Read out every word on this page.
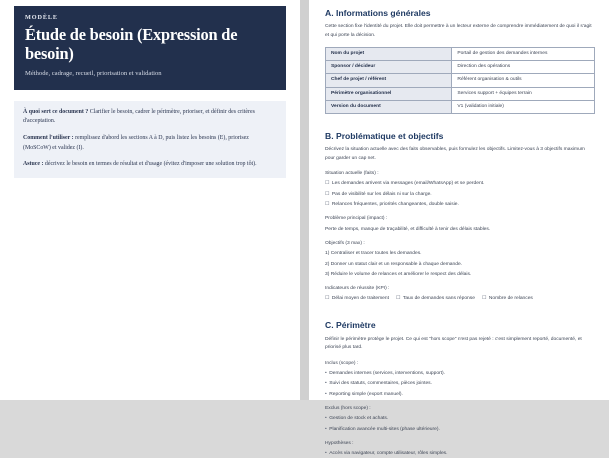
MODÈLE
Étude de besoin (Expression de besoin)
Méthode, cadrage, recueil, priorisation et validation

À quoi sert ce document ? Clarifier le besoin, cadrer le périmètre, prioriser, et définir des critères d'acceptation.

Comment l'utiliser : remplissez d'abord les sections A à D, puis listez les besoins (E), priorisez (MoSCoW) et validez (I).

Astuce : décrivez le besoin en termes de résultat et d'usage (évitez d'imposer une solution trop tôt).

A. Informations générales

Cette section fixe l'identité du projet. Elle doit permettre à un lecteur externe de comprendre immédiatement de quoi il s'agit et qui porte la décision.

Nom du projet	Portail de gestion des demandes internes
Sponsor / décideur	Direction des opérations
Chef de projet / référent	Référent organisation & outils
Périmètre organisationnel	Services support + équipes terrain
Version du document	V1 (validation initiale)
B. Problématique et objectifs

Décrivez la situation actuelle avec des faits observables, puis formulez les objectifs. Limitez-vous à 3 objectifs maximum pour garder un cap net.

Situation actuelle (faits) :
☐ Les demandes arrivent via messages (email/WhatsApp) et se perdent.
☐ Pas de visibilité sur les délais ni sur la charge.
☐ Relances fréquentes, priorités changeantes, double saisie.
Problème principal (impact) :
Perte de temps, manque de traçabilité, et difficulté à tenir des délais stables.
Objectifs (3 max) :
1) Centraliser et tracer toutes les demandes.
2) Donner un statut clair et un responsable à chaque demande.
3) Réduire le volume de relances et améliorer le respect des délais.
Indicateurs de réussite (KPI) :
☐ Délai moyen de traitement ☐ Taux de demandes sans réponse ☐ Nombre de relances
C. Périmètre

Définir le périmètre protège le projet. Ce qui est "hors scope" n'est pas rejeté : c'est simplement reporté, documenté, et priorisé plus tard.

Inclus (scope) :
• Demandes internes (services, interventions, support).
• Suivi des statuts, commentaires, pièces jointes.
• Reporting simple (export manuel).
Exclus (hors scope) :
• Gestion de stock et achats.
• Planification avancée multi-sites (phase ultérieure).
Hypothèses :
• Accès via navigateur, compte utilisateur, rôles simples.
